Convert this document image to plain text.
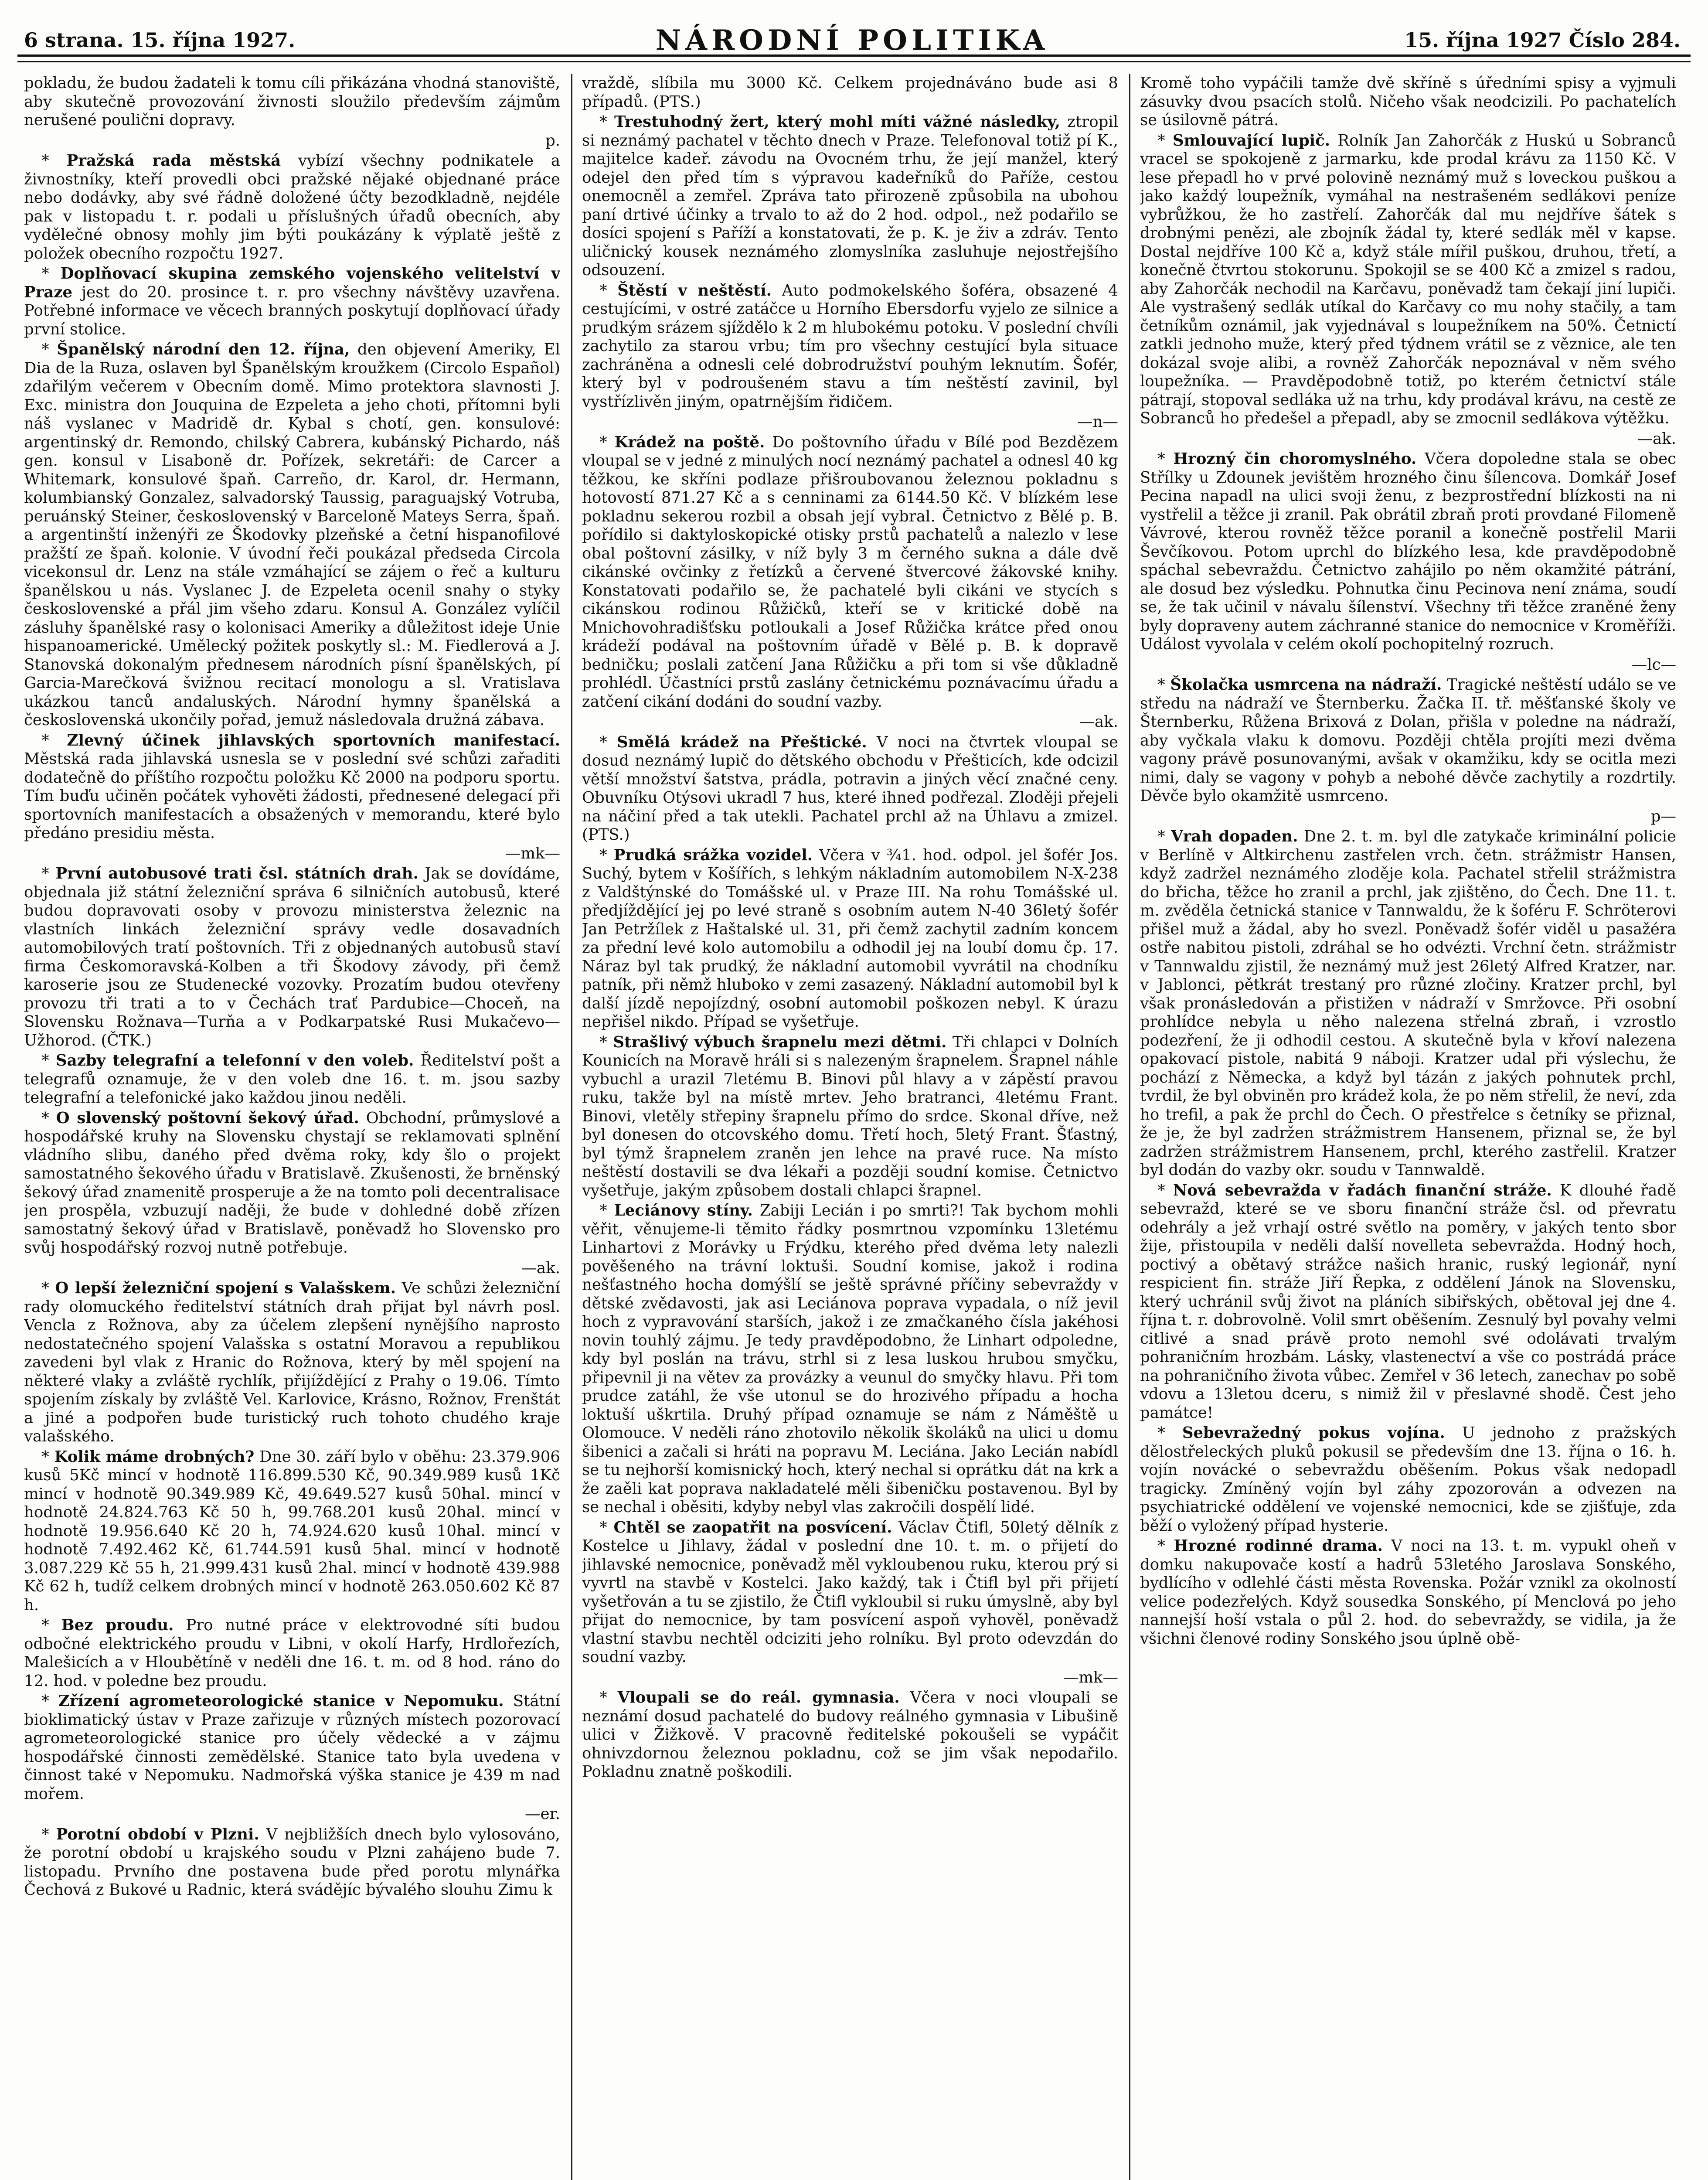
6 strana. 15. října 1927.	NÁRODNÍ POLITIKA	15. října 1927 Číslo 284.

pokladu, že budou žadateli k tomu cíli přikázána vhodná stanoviště, aby skutečně provozování živnosti sloužilo především zájmům nerušené poulični dopravy.

p.

* Pražská rada městská vybízí všechny podnikatele a živnostníky, kteří provedli obci pražské nějaké objednané práce nebo dodávky, aby své řádně doložené účty bezodkladně, nejdéle pak v listopadu t. r. podali u příslušných úřadů obecních, aby vydělečné obnosy mohly jim býti poukázány k výplatě ještě z položek obecního rozpočtu 1927.

* Doplňovací skupina zemského vojenského velitelství v Praze jest do 20. prosince t. r. pro všechny návštěvy uzavřena. Potřebné informace ve věcech branných poskytují doplňovací úřady první stolice.

* Španělský národní den 12. října, den objevení Ameriky, El Dia de la Ruza, oslaven byl Španělským kroužkem (Circolo Español) zdařilým večerem v Obecním domě. Mimo protektora slavnosti J. Exc. ministra don Jouquina de Ezpeleta a jeho choti, přítomni byli náš vyslanec v Madridě dr. Kybal s chotí, gen. konsulové: argentinský dr. Remondo, chilský Cabrera, kubánský Pichardo, náš gen. konsul v Lisaboně dr. Pořízek, sekretáři: de Carcer a Whitemark, konsulové špaň. Carreño, dr. Karol, dr. Hermann, kolumbianský Gonzalez, salvadorský Taussig, paraguajský Votruba, peruánský Steiner, československý v Barceloně Mateys Serra, špaň. a argentinští inženýři ze Škodovky plzeňské a četní hispanofilové pražští ze špaň. kolonie. V úvodní řeči poukázal předseda Circola vicekonsul dr. Lenz na stále vzmáhající se zájem o řeč a kulturu španělskou u nás. Vyslanec J. de Ezpeleta ocenil snahy o styky československé a přál jim všeho zdaru. Konsul A. González vylíčil zásluhy španělské rasy o kolonisaci Ameriky a důležitost ideje Unie hispanoamerické. Umělecký požitek poskytly sl.: M. Fiedlerová a J. Stanovská dokonalým přednesem národních písní španělských, pí Garcia-Marečková švižnou recitací monologu a sl. Vratislava ukázkou tanců andaluských. Národní hymny španělská a československá ukončily pořad, jemuž následovala družná zábava.

* Zlevný účinek jihlavských sportovních manifestací. Městská rada jihlavská usnesla se v poslední své schůzi zařaditi dodatečně do příštího rozpočtu položku Kč 2000 na podporu sportu. Tím buďu učiněn počátek vyhověti žádosti, přednesené delegací při sportovních manifestacích a obsažených v memorandu, které bylo předáno presidiu města.

—mk—

* První autobusové trati čsl. státních drah. Jak se dovídáme, objednala již státní železniční správa 6 silničních autobusů, které budou dopravovati osoby v provozu ministerstva železnic na vlastních linkách železniční správy vedle dosavadních automobilových tratí poštovních. Tři z objednaných autobusů staví firma Českomoravská-Kolben a tři Škodovy závody, při čemž karoserie jsou ze Studenecké vozovky. Prozatím budou otevřeny provozu tři trati a to v Čechách trať Pardubice—Choceň, na Slovensku Rožnava—Turňa a v Podkarpatské Rusi Mukačevo—Užhorod. (ČTK.)

* Sazby telegrafní a telefonní v den voleb. Ředitelství pošt a telegrafů oznamuje, že v den voleb dne 16. t. m. jsou sazby telegrafní a telefonické jako každou jinou neděli.

* O slovenský poštovní šekový úřad. Obchodní, průmyslové a hospodářské kruhy na Slovensku chystají se reklamovati splnění vládního slibu, daného před dvěma roky, kdy šlo o projekt samostatného šekového úřadu v Bratislavě. Zkušenosti, že brněnský šekový úřad znamenitě prosperuje a že na tomto poli decentralisace jen prospěla, vzbuzují naději, že bude v dohledné době zřízen samostatný šekový úřad v Bratislavě, poněvadž ho Slovensko pro svůj hospodářský rozvoj nutně potřebuje.

—ak.

* O lepší železniční spojení s Valašskem. Ve schůzi železniční rady olomuckého ředitelství státních drah přijat byl návrh posl. Vencla z Rožnova, aby za účelem zlepšení nynějšího naprosto nedostatečného spojení Valašska s ostatní Moravou a republikou zavedeni byl vlak z Hranic do Rožnova, který by měl spojení na některé vlaky a zvláště rychlík, přijíždějící z Prahy o 19.06. Tímto spojením získaly by zvláště Vel. Karlovice, Krásno, Rožnov, Frenštát a jiné a podpořen bude turistický ruch tohoto chudého kraje valašského.

* Kolik máme drobných? Dne 30. září bylo v oběhu: 23.379.906 kusů 5Kč mincí v hodnotě 116.899.530 Kč, 90.349.989 kusů 1Kč mincí v hodnotě 90.349.989 Kč, 49.649.527 kusů 50hal. mincí v hodnotě 24.824.763 Kč 50 h, 99.768.201 kusů 20hal. mincí v hodnotě 19.956.640 Kč 20 h, 74.924.620 kusů 10hal. mincí v hodnotě 7.492.462 Kč, 61.744.591 kusů 5hal. mincí v hodnotě 3.087.229 Kč 55 h, 21.999.431 kusů 2hal. mincí v hodnotě 439.988 Kč 62 h, tudíž celkem drobných mincí v hodnotě 263.050.602 Kč 87 h.

* Bez proudu. Pro nutné práce v elektrovodné síti budou odbočné elektrického proudu v Libni, v okolí Harfy, Hrdlořezích, Malešicích a v Hloubětíně v neděli dne 16. t. m. od 8 hod. ráno do 12. hod. v poledne bez proudu.

* Zřízení agrometeorologické stanice v Nepomuku. Státní bioklimatický ústav v Praze zařizuje v různých místech pozorovací agrometeorologické stanice pro účely vědecké a v zájmu hospodářské činnosti zemědělské. Stanice tato byla uvedena v činnost také v Nepomuku. Nadmořská výška stanice je 439 m nad mořem.

—er.

* Porotní období v Plzni. V nejbližších dnech bylo vylosováno, že porotní období u krajského soudu v Plzni zahájeno bude 7. listopadu. Prvního dne postavena bude před porotu mlynářka Čechová z Bukové u Radnic, která svádějíc bývalého slouhu Zimu k

vraždě, slíbila mu 3000 Kč. Celkem projednáváno bude asi 8 případů. (PTS.)

* Trestuhodný žert, který mohl míti vážné následky, ztropil si neznámý pachatel v těchto dnech v Praze. Telefonoval totiž pí K., majitelce kadeř. závodu na Ovocném trhu, že její manžel, který odejel den před tím s výpravou kadeřníků do Paříže, cestou onemocněl a zemřel. Zpráva tato přirozeně způsobila na ubohou paní drtivé účinky a trvalo to až do 2 hod. odpol., než podařilo se dosíci spojení s Paříží a konstatovati, že p. K. je živ a zdráv. Tento uličnický kousek neznámého zlomyslníka zasluhuje nejostřejšího odsouzení.

* Štěstí v neštěstí. Auto podmokelského šoféra, obsazené 4 cestujícími, v ostré zatáčce u Horního Ebersdorfu vyjelo ze silnice a prudkým srázem sjíždělo k 2 m hlubokému potoku. V poslední chvíli zachytilo za starou vrbu; tím pro všechny cestující byla situace zachráněna a odnesli celé dobrodružství pouhým leknutím. Šofér, který byl v podroušeném stavu a tím neštěstí zavinil, byl vystřízlivěn jiným, opatrnějším řidičem.

—n—

* Krádež na poště. Do poštovního úřadu v Bílé pod Bezdězem vloupal se v jedné z minulých nocí neznámý pachatel a odnesl 40 kg těžkou, ke skříni podlaze přišroubovanou železnou pokladnu s hotovostí 871.27 Kč a s cenninami za 6144.50 Kč. V blízkém lese pokladnu sekerou rozbil a obsah její vybral. Četnictvo z Bělé p. B. pořídilo si daktyloskopické otisky prstů pachatelů a nalezlo v lese obal poštovní zásilky, v níž byly 3 m černého sukna a dále dvě cikánské ovčinky z řetízků a červené štvercové žákovské knihy. Konstatovati podařilo se, že pachatelé byli cikáni ve stycích s cikánskou rodinou Růžičků, kteří se v kritické době na Mnichovohradišťsku potloukali a Josef Růžička krátce před onou krádeží podával na poštovním úřadě v Bělé p. B. k dopravě bedničku; poslali zatčení Jana Růžičku a při tom si vše důkladně prohlédl. Účastníci prstů zaslány četnickému poznávacímu úřadu a zatčení cikání dodáni do soudní vazby.

—ak.

* Smělá krádež na Přeštické. V noci na čtvrtek vloupal se dosud neznámý lupič do dětského obchodu v Přešticích, kde odcizil větší množství šatstva, prádla, potravin a jiných věcí značné ceny. Obuvníku Otýsovi ukradl 7 hus, které ihned podřezal. Zloději přejeli na náčiní před a tak utekli. Pachatel prchl až na Úhlavu a zmizel. (PTS.)

* Prudká srážka vozidel. Včera v ¾1. hod. odpol. jel šofér Jos. Suchý, bytem v Košířích, s lehkým nákladním automobilem N-X-238 z Valdštýnské do Tomášské ul. v Praze III. Na rohu Tomášské ul. předjíždějící jej po levé straně s osobním autem N-40 36letý šofér Jan Petržílek z Haštalské ul. 31, při čemž zachytil zadním koncem za přední levé kolo automobilu a odhodil jej na loubí domu čp. 17. Náraz byl tak prudký, že nákladní automobil vyvrátil na chodníku patník, při němž hluboko v zemi zasazený. Nákladní automobil byl k další jízdě nepojízdný, osobní automobil poškozen nebyl. K úrazu nepřišel nikdo. Případ se vyšetřuje.

* Strašlivý výbuch šrapnelu mezi dětmi. Tři chlapci v Dolních Kounicích na Moravě hráli si s nalezeným šrapnelem. Šrapnel náhle vybuchl a urazil 7letému B. Binovi půl hlavy a v zápěstí pravou ruku, takže byl na místě mrtev. Jeho bratranci, 4letému Frant. Binovi, vletěly střepiny šrapnelu přímo do srdce. Skonal dříve, než byl donesen do otcovského domu. Třetí hoch, 5letý Frant. Šťastný, byl týmž šrapnelem zraněn jen lehce na pravé ruce. Na místo neštěstí dostavili se dva lékaři a později soudní komise. Četnictvo vyšetřuje, jakým způsobem dostali chlapci šrapnel.

* Leciánovy stíny. Zabiji Lecián i po smrti?! Tak bychom mohli věřit, věnujeme-li těmito řádky posmrtnou vzpomínku 13letému Linhartovi z Morávky u Frýdku, kterého před dvěma lety nalezli pověšeného na trávní loktuši. Soudní komise, jakož i rodina nešťastného hocha domýšlí se ještě správné příčiny sebevraždy v dětské zvědavosti, jak asi Leciánova poprava vypadala, o níž jevil hoch z vypravování starších, jakož i ze zmačkaného čísla jakéhosi novin touhlý zájmu. Je tedy pravděpodobno, že Linhart odpoledne, kdy byl poslán na trávu, strhl si z lesa luskou hrubou smyčku, připevnil ji na větev za provázky a veunul do smyčky hlavu. Při tom prudce zatáhl, že vše utonul se do hrozivého případu a hocha loktuší uškrtila. Druhý případ oznamuje se nám z Náměště u Olomouce. V neděli ráno zhotovilo několik školáků na ulici u domu šibenici a začali si hráti na popravu M. Leciána. Jako Lecián nabídl se tu nejhorší komisnický hoch, který nechal si oprátku dát na krk a že zaěli kat poprava nakladatelé měli šibeničku postavenou. Byl by se nechal i oběsiti, kdyby nebyl vlas zakročili dospělí lidé.

* Chtěl se zaopatřit na posvícení. Václav Čtifl, 50letý dělník z Kostelce u Jihlavy, žádal v poslední dne 10. t. m. o přijetí do jihlavské nemocnice, poněvadž měl vykloubenou ruku, kterou prý si vyvrtl na stavbě v Kostelci. Jako každý, tak i Čtifl byl při přijetí vyšetřován a tu se zjistilo, že Čtifl vykloubil si ruku úmyslně, aby byl přijat do nemocnice, by tam posvícení aspoň vyhověl, poněvadž vlastní stavbu nechtěl odciziti jeho rolníku. Byl proto odevzdán do soudní vazby.

—mk—

* Vloupali se do reál. gymnasia. Včera v noci vloupali se neznámí dosud pachatelé do budovy reálného gymnasia v Libušině ulici v Žižkově. V pracovně ředitelské pokoušeli se vypáčit ohnivzdornou železnou pokladnu, což se jim však nepodařilo. Pokladnu znatně poškodili.

Kromě toho vypáčili tamže dvě skříně s úředními spisy a vyjmuli zásuvky dvou psacích stolů. Ničeho však neodcizili. Po pachatelích se úsilovně pátrá.

* Smlouvající lupič. Rolník Jan Zahorčák z Huskú u Sobranců vracel se spokojeně z jarmarku, kde prodal krávu za 1150 Kč. V lese přepadl ho v prvé polovině neznámý muž s loveckou puškou a jako každý loupežník, vymáhal na nestrašeném sedlákovi peníze vybrůžkou, že ho zastřelí. Zahorčák dal mu nejdříve šátek s drobnými penězi, ale zbojník žádal ty, které sedlák měl v kapse. Dostal nejdříve 100 Kč a, když stále mířil puškou, druhou, třetí, a konečně čtvrtou stokorunu. Spokojil se se 400 Kč a zmizel s radou, aby Zahorčák nechodil na Karčavu, poněvadž tam čekají jiní lupiči. Ale vystrašený sedlák utíkal do Karčavy co mu nohy stačily, a tam četníkům oznámil, jak vyjednával s loupežníkem na 50%. Četnictí zatkli jednoho muže, který před týdnem vrátil se z věznice, ale ten dokázal svoje alibi, a rovněž Zahorčák nepoznával v něm svého loupežníka. — Pravděpodobně totiž, po kterém četnictví stále pátrají, stopoval sedláka už na trhu, kdy prodával krávu, na cestě ze Sobranců ho předešel a přepadl, aby se zmocnil sedlákova výtěžku.

—ak.

* Hrozný čin choromyslného. Včera dopoledne stala se obec Střílky u Zdounek jevištěm hrozného činu šílencova. Domkář Josef Pecina napadl na ulici svoji ženu, z bezprostřední blízkosti na ni vystřelil a těžce ji zranil. Pak obrátil zbraň proti provdané Filomeně Vávrové, kterou rovněž těžce poranil a konečně postřelil Marii Ševčíkovou. Potom uprchl do blízkého lesa, kde pravděpodobně spáchal sebevraždu. Četnictvo zahájilo po něm okamžité pátrání, ale dosud bez výsledku. Pohnutka činu Pecinova není známa, soudí se, že tak učinil v návalu šílenství. Všechny tři těžce zraněné ženy byly dopraveny autem záchranné stanice do nemocnice v Kroměříži. Událost vyvolala v celém okolí pochopitelný rozruch.

—lc—

* Školačka usmrcena na nádraží. Tragické neštěstí událo se ve středu na nádraží ve Šternberku. Žačka II. tř. měšťanské školy ve Šternberku, Růžena Brixová z Dolan, přišla v poledne na nádraží, aby vyčkala vlaku k domovu. Později chtěla projíti mezi dvěma vagony právě posunovanými, avšak v okamžiku, kdy se ocitla mezi nimi, daly se vagony v pohyb a nebohé děvče zachytily a rozdrtily. Děvče bylo okamžitě usmrceno.

p—

* Vrah dopaden. Dne 2. t. m. byl dle zatykače kriminální policie v Berlíně v Altkirchenu zastřelen vrch. četn. strážmistr Hansen, když zadržel neznámého zloděje kola. Pachatel střelil strážmistra do břicha, těžce ho zranil a prchl, jak zjištěno, do Čech. Dne 11. t. m. zvěděla četnická stanice v Tannwaldu, že k šoféru F. Schröterovi přišel muž a žádal, aby ho svezl. Poněvadž šofér viděl u pasažéra ostře nabitou pistoli, zdráhal se ho odvézti. Vrchní četn. strážmistr v Tannwaldu zjistil, že neznámý muž jest 26letý Alfred Kratzer, nar. v Jablonci, pětkrát trestaný pro různé zločiny. Kratzer prchl, byl však pronásledován a přistižen v nádraží v Smržovce. Při osobní prohlídce nebyla u něho nalezena střelná zbraň, i vzrostlo podezření, že ji odhodil cestou. A skutečně byla v křoví nalezena opakovací pistole, nabitá 9 náboji. Kratzer udal při výslechu, že pochází z Německa, a když byl tázán z jakých pohnutek prchl, tvrdil, že byl obviněn pro krádež kola, že po něm střelil, že neví, zda ho trefil, a pak že prchl do Čech. O přestřelce s četníky se přiznal, že je, že byl zadržen strážmistrem Hansenem, přiznal se, že byl zadržen strážmistrem Hansenem, prchl, kterého zastřelil. Kratzer byl dodán do vazby okr. soudu v Tannwaldě.

* Nová sebevražda v řadách finanční stráže. K dlouhé řadě sebevražd, které se ve sboru finanční stráže čsl. od převratu odehrály a jež vrhají ostré světlo na poměry, v jakých tento sbor žije, přistoupila v neděli další novelleta sebevražda. Hodný hoch, poctivý a obětavý strážce našich hranic, ruský legionář, nyní respicient fin. stráže Jiří Řepka, z oddělení Jánok na Slovensku, který uchránil svůj život na pláních sibiřských, obětoval jej dne 4. října t. r. dobrovolně. Volil smrt oběšením. Zesnulý byl povahy velmi citlivé a snad právě proto nemohl své odolávati trvalým pohraničním hrozbám. Lásky, vlastenectví a vše co postrádá práce na pohraničního života vůbec. Zemřel v 36 letech, zanechav po sobě vdovu a 13letou dceru, s nimiž žil v přeslavné shodě. Čest jeho památce!

* Sebevražedný pokus vojína. U jednoho z pražských dělostřeleckých pluků pokusil se především dne 13. října o 16. h. vojín novácké o sebevraždu oběšením. Pokus však nedopadl tragicky. Zmíněný vojín byl záhy zpozorován a odvezen na psychiatrické oddělení ve vojenské nemocnici, kde se zjišťuje, zda běží o vyložený případ hysterie.

* Hrozné rodinné drama. V noci na 13. t. m. vypukl oheň v domku nakupovače kostí a hadrů 53letého Jaroslava Sonského, bydlícího v odlehlé části města Rovenska. Požár vznikl za okolností velice podezřelých. Když sousedka Sonského, pí Menclová po jeho nannejší hoší vstala o půl 2. hod. do sebevraždy, se vidila, ja že všichni členové rodiny Sonského jsou úplně obě-
